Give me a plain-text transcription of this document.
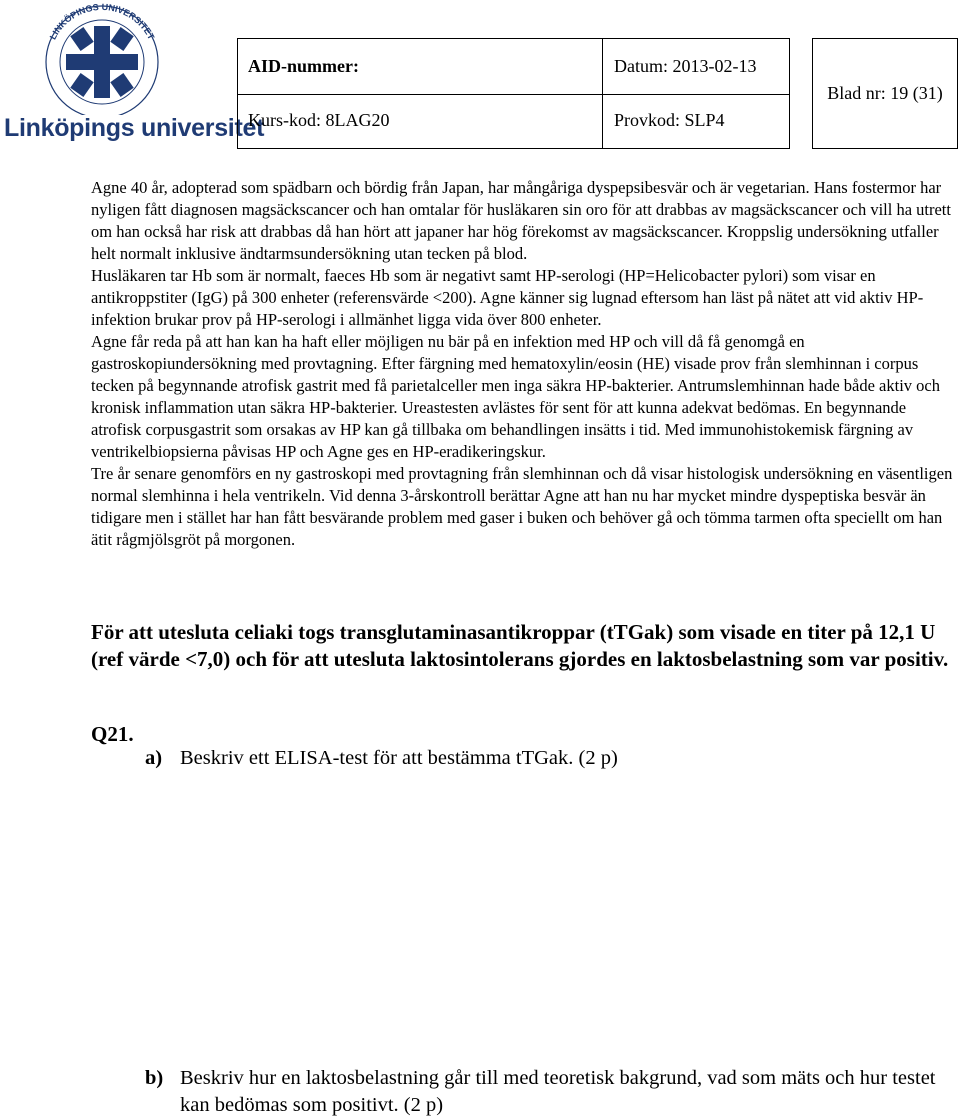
LINKÖPINGS UNIVERSITET
Linköpings universitet
AID-nummer:	Datum: 2013-02-13
Kurs-kod: 8LAG20	Provkod: SLP4
Blad nr: 19 (31)

Agne 40 år, adopterad som spädbarn och bördig från Japan, har mångåriga dyspepsibesvär och är vegetarian. Hans fostermor har nyligen fått diagnosen magsäckscancer och han omtalar för husläkaren sin oro för att drabbas av magsäckscancer och vill ha utrett om han också har risk att drabbas då han hört att japaner har hög förekomst av magsäckscancer. Kroppslig undersökning utfaller helt normalt inklusive ändtarmsundersökning utan tecken på blod.

Husläkaren tar Hb som är normalt, faeces Hb som är negativt samt HP-serologi (HP=Helicobacter pylori) som visar en antikroppstiter (IgG) på 300 enheter (referensvärde <200). Agne känner sig lugnad eftersom han läst på nätet att vid aktiv HP-infektion brukar prov på HP-serologi i allmänhet ligga vida över 800 enheter.

Agne får reda på att han kan ha haft eller möjligen nu bär på en infektion med HP och vill då få genomgå en gastroskopiundersökning med provtagning. Efter färgning med hematoxylin/eosin (HE) visade prov från slemhinnan i corpus tecken på begynnande atrofisk gastrit med få parietalceller men inga säkra HP-bakterier. Antrumslemhinnan hade både aktiv och kronisk inflammation utan säkra HP-bakterier. Ureastesten avlästes för sent för att kunna adekvat bedömas. En begynnande atrofisk corpusgastrit som orsakas av HP kan gå tillbaka om behandlingen insätts i tid. Med immunohistokemisk färgning av ventrikelbiopsierna påvisas HP och Agne ges en HP-eradikeringskur.

Tre år senare genomförs en ny gastroskopi med provtagning från slemhinnan och då visar histologisk undersökning en väsentligen normal slemhinna i hela ventrikeln. Vid denna 3-årskontroll berättar Agne att han nu har mycket mindre dyspeptiska besvär än tidigare men i stället har han fått besvärande problem med gaser i buken och behöver gå och tömma tarmen ofta speciellt om han ätit rågmjölsgröt på morgonen.

För att utesluta celiaki togs transglutaminasantikroppar (tTGak) som visade en titer på 12,1 U (ref värde <7,0) och för att utesluta laktosintolerans gjordes en laktosbelastning som var positiv.
Q21.
a) Beskriv ett ELISA-test för att bestämma tTGak. (2 p)
b) Beskriv hur en laktosbelastning går till med teoretisk bakgrund, vad som mäts och hur testet kan bedömas som positivt. (2 p)
